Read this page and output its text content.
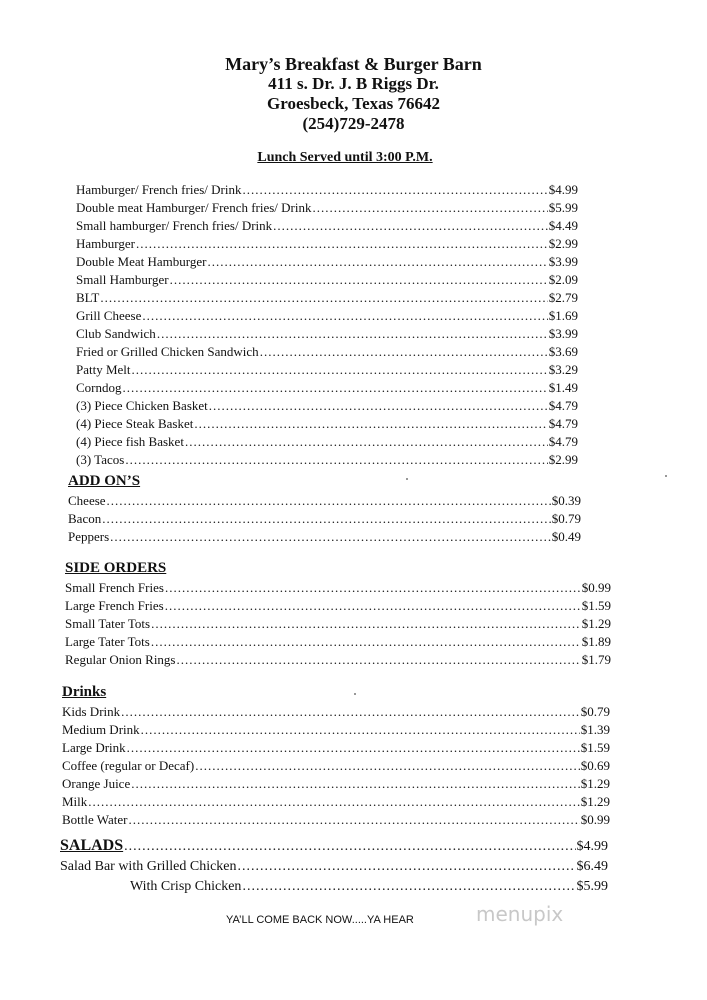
Mary’s Breakfast & Burger Barn
411 s. Dr. J. B Riggs Dr.
Groesbeck, Texas 76642
(254)729-2478
Lunch Served until 3:00 P.M.
Hamburger/ French fries/ Drink .....	$4.99
Double meat Hamburger/ French fries/ Drink .....	$5.99
Small hamburger/ French fries/ Drink .....	$4.49
Hamburger .....	$2.99
Double Meat Hamburger .....	$3.99
Small Hamburger .....	$2.09
BLT .....	$2.79
Grill Cheese .....	$1.69
Club Sandwich .....	$3.99
Fried or Grilled Chicken Sandwich .....	$3.69
Patty Melt .....	$3.29
Corndog .....	$1.49
(3) Piece Chicken Basket .....	$4.79
(4) Piece Steak Basket .....	$4.79
(4) Piece fish Basket .....	$4.79
(3) Tacos .....	$2.99
ADD ON’S
Cheese .....	$0.39
Bacon .....	$0.79
Peppers .....	$0.49
SIDE ORDERS
Small French Fries .....	$0.99
Large French Fries .....	$1.59
Small Tater Tots .....	$1.29
Large Tater Tots .....	$1.89
Regular Onion Rings .....	$1.79
Drinks
Kids Drink .....	$0.79
Medium Drink .....	$1.39
Large Drink .....	$1.59
Coffee (regular or Decaf) .....	$0.69
Orange Juice .....	$1.29
Milk .....	$1.29
Bottle Water .....	$0.99
SALADS .....	$4.99
Salad Bar with Grilled Chicken .....	$6.49
With Crisp Chicken .....	$5.99
menupix
YA’LL COME BACK NOW.....YA HEAR
